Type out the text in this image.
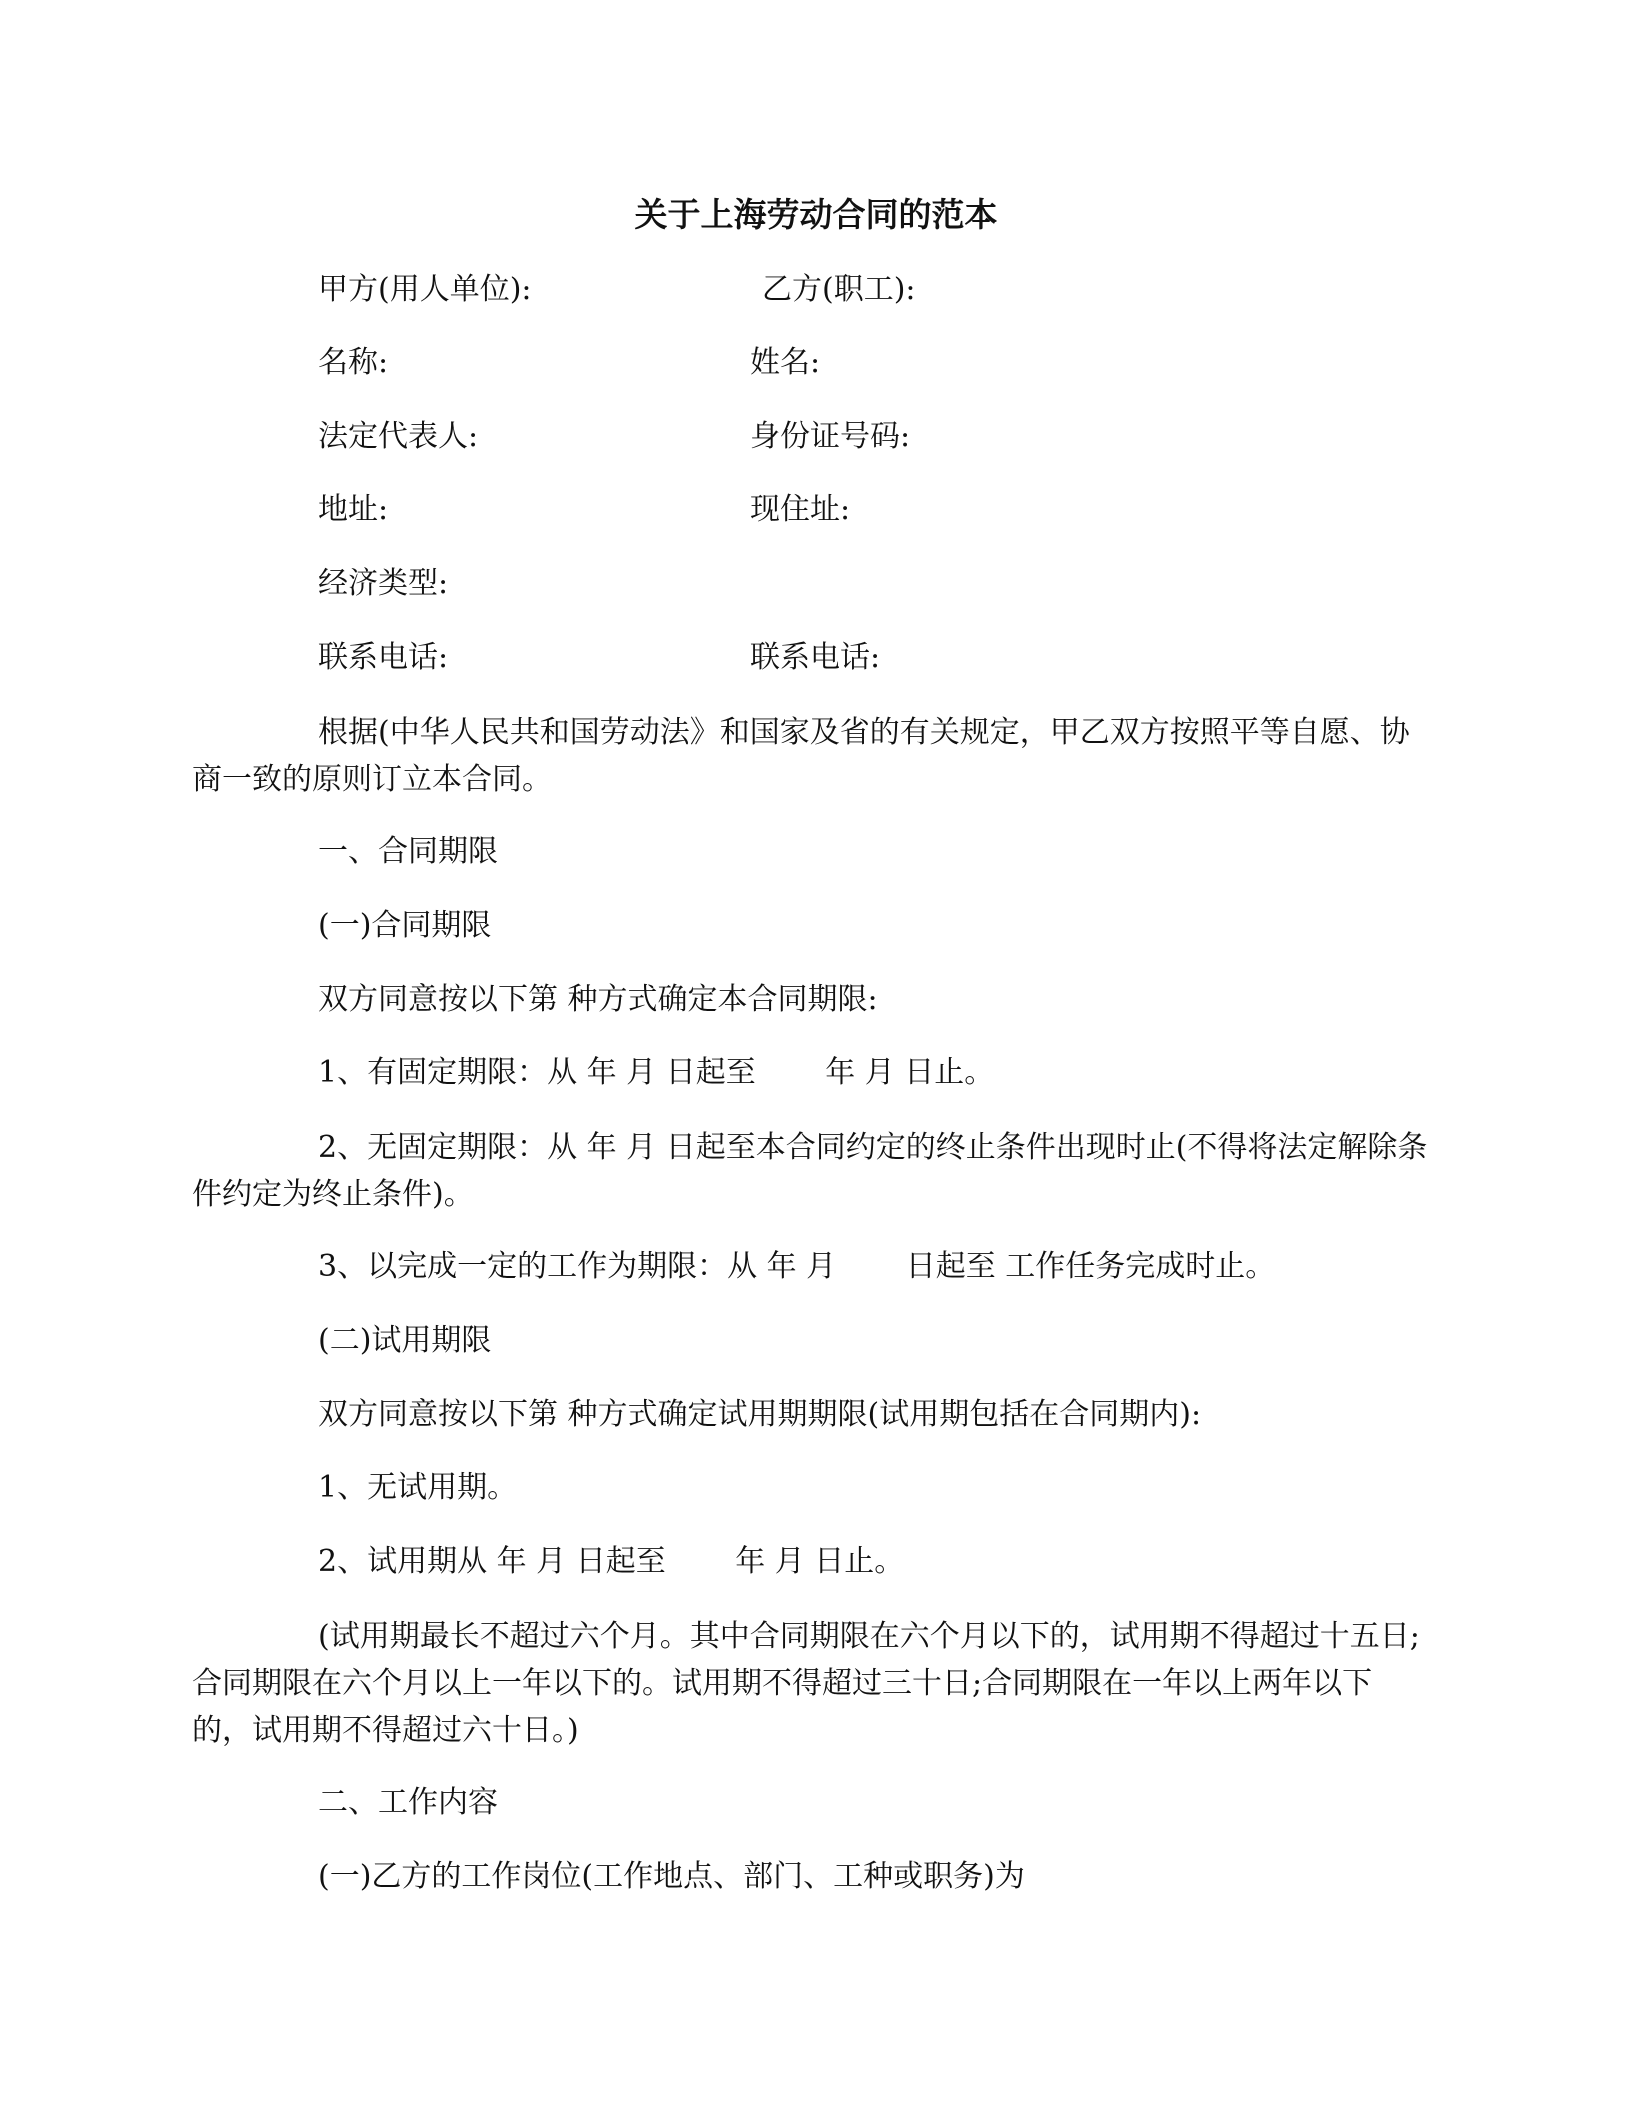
关于上海劳动合同的范本
甲方(用人单位):	乙方(职工):
名称:	姓名:
法定代表人:	身份证号码:
地址:	现住址:
经济类型:
联系电话:	联系电话:
根据(中华人民共和国劳动法》和国家及省的有关规定，甲乙双方按照平等自愿、协商一致的原则订立本合同。
一、合同期限
(一)合同期限
双方同意按以下第 种方式确定本合同期限:
1、有固定期限：从 年 月 日起至　　 年 月 日止。
2、无固定期限：从 年 月 日起至本合同约定的终止条件出现时止(不得将法定解除条件约定为终止条件)。
3、以完成一定的工作为期限：从 年 月　　 日起至 工作任务完成时止。
(二)试用期限
双方同意按以下第 种方式确定试用期期限(试用期包括在合同期内):
1、无试用期。
2、试用期从 年 月 日起至　　 年 月 日止。
(试用期最长不超过六个月。其中合同期限在六个月以下的，试用期不得超过十五日;合同期限在六个月以上一年以下的。试用期不得超过三十日;合同期限在一年以上两年以下的，试用期不得超过六十日。)
二、工作内容
(一)乙方的工作岗位(工作地点、部门、工种或职务)为
